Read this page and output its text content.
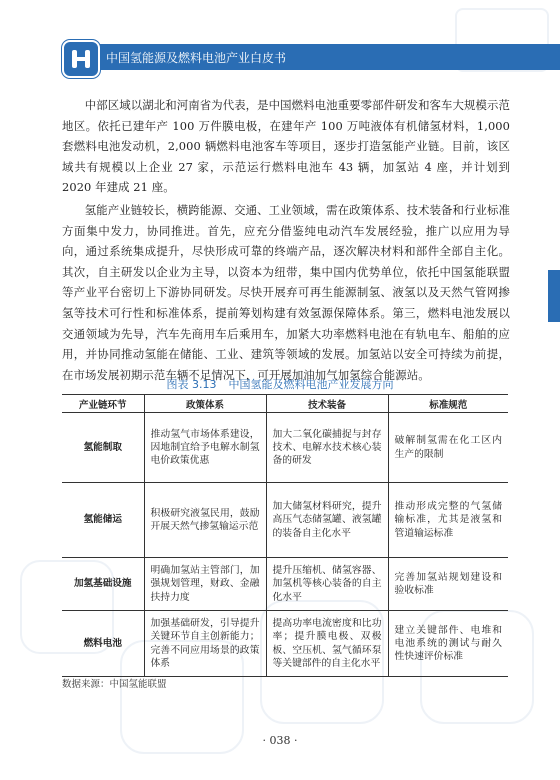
中国氢能源及燃料电池产业白皮书

中部区域以湖北和河南省为代表，是中国燃料电池重要零部件研发和客车大规模示范地区。依托已建年产 100 万件膜电极，在建年产 100 万吨液体有机储氢材料，1,000 套燃料电池发动机，2,000 辆燃料电池客车等项目，逐步打造氢能产业链。目前，该区域共有规模以上企业 27 家，示范运行燃料电池车 43 辆，加氢站 4 座，并计划到 2020 年建成 21 座。

氢能产业链较长，横跨能源、交通、工业领域，需在政策体系、技术装备和行业标准方面集中发力，协同推进。首先，应充分借鉴纯电动汽车发展经验，推广以应用为导向，通过系统集成提升，尽快形成可靠的终端产品，逐次解决材料和部件全部自主化。其次，自主研发以企业为主导，以资本为纽带，集中国内优势单位，依托中国氢能联盟等产业平台密切上下游协同研发。尽快开展弃可再生能源制氢、液氢以及天然气管网掺氢等技术可行性和标准体系，提前筹划构建有效氢源保障体系。第三，燃料电池发展以交通领域为先导，汽车先商用车后乘用车，加紧大功率燃料电池在有轨电车、船舶的应用，并协同推动氢能在储能、工业、建筑等领域的发展。加氢站以安全可持续为前提，在市场发展初期示范车辆不足情况下，可开展加油加气加氢综合能源站。

图表 3.13 中国氢能及燃料电池产业发展方向
产业链环节	政策体系	技术装备	标准规范
氢能制取	推动氢气市场体系建设，因地制宜给予电解水制氢电价政策优惠	加大二氧化碳捕捉与封存技术、电解水技术核心装备的研发	破解制氢需在化工区内生产的限制
氢能储运	积极研究液氢民用，鼓励开展天然气掺氢输运示范	加大储氢材料研究，提升高压气态储氢罐、液氢罐的装备自主化水平	推动形成完整的气氢储输标准，尤其是液氢和管道输运标准
加氢基础设施	明确加氢站主管部门，加强规划管理，财政、金融扶持力度	提升压缩机、储氢容器、加氢机等核心装备的自主化水平	完善加氢站规划建设和验收标准
燃料电池	加强基础研发，引导提升关键环节自主创新能力；完善不同应用场景的政策体系	提高功率电流密度和比功率；提升膜电极、双极板、空压机、氢气循环泵等关键部件的自主化水平	建立关键部件、电堆和电池系统的测试与耐久性快速评价标准
数据来源：中国氢能联盟
· 038 ·
